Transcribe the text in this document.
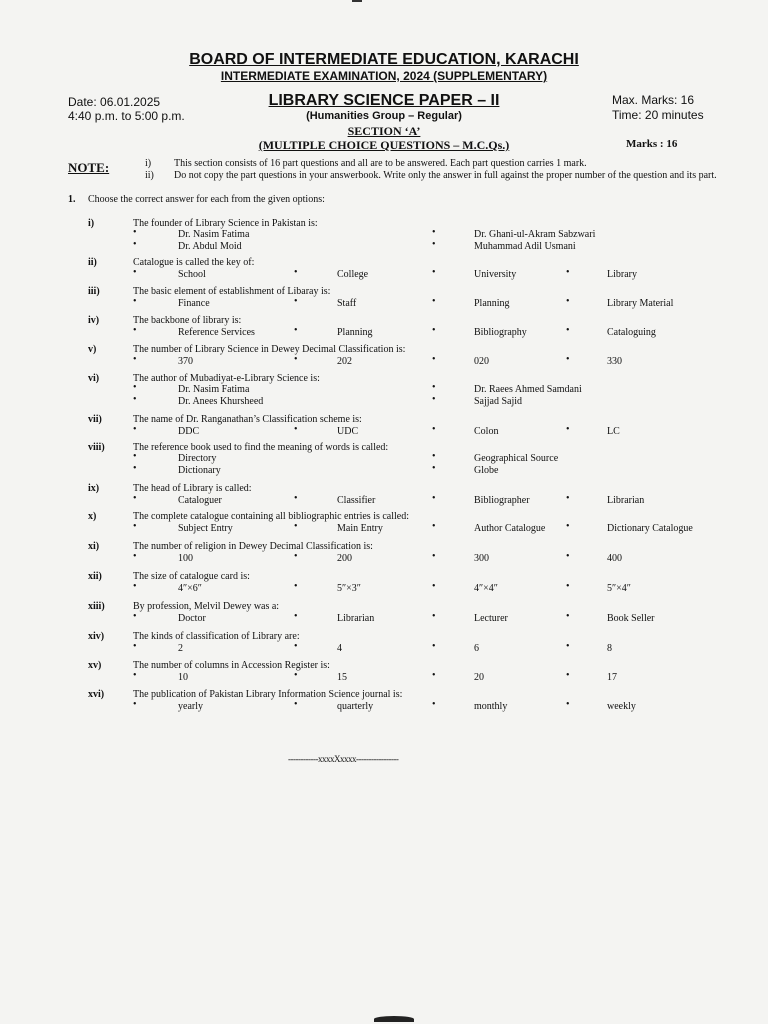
BOARD OF INTERMEDIATE EDUCATION, KARACHI
INTERMEDIATE EXAMINATION, 2024 (SUPPLEMENTARY)
Date: 06.01.2025
4:40 p.m. to 5:00 p.m.
LIBRARY SCIENCE PAPER – II
(Humanities Group – Regular)
Max. Marks: 16
Time: 20 minutes
SECTION ‘A’
(MULTIPLE CHOICE QUESTIONS – M.C.Qs.)	Marks : 16
NOTE:	i) This section consists of 16 part questions and all are to be answered. Each part question carries 1 mark.
ii) Do not copy the part questions in your answerbook. Write only the answer in full against the proper number of the question and its part.
1. Choose the correct answer for each from the given options:
i)	The founder of Library Science in Pakistan is:
•	Dr. Nasim Fatima	•	Dr. Ghani-ul-Akram Sabzwari
•	Dr. Abdul Moid	•	Muhammad Adil Usmani
ii)	Catalogue is called the key of:
•	School	•	College	•	University	•	Library
iii)	The basic element of establishment of Libaray is:
•	Finance	•	Staff	•	Planning	•	Library Material
iv)	The backbone of library is:
•	Reference Services	•	Planning	•	Bibliography	•	Cataloguing
v)	The number of Library Science in Dewey Decimal Classification is:
•	370	•	202	•	020	•	330
vi)	The author of Mubadiyat-e-Library Science is:
•	Dr. Nasim Fatima	•	Dr. Raees Ahmed Samdani
•	Dr. Anees Khursheed	•	Sajjad Sajid
vii)	The name of Dr. Ranganathan’s Classification scheme is:
•	DDC	•	UDC	•	Colon	•	LC
viii)	The reference book used to find the meaning of words is called:
•	Directory	•	Geographical Source
•	Dictionary	•	Globe
ix)	The head of Library is called:
•	Cataloguer	•	Classifier	•	Bibliographer	•	Librarian
x)	The complete catalogue containing all bibliographic entries is called:
•	Subject Entry	•	Main Entry	•	Author Catalogue •	Dictionary Catalogue
xi)	The number of religion in Dewey Decimal Classification is:
•	100	•	200	•	300	•	400
xii)	The size of catalogue card is:
•	4″×6″	•	5″×3″	•	4″×4″	•	5″×4″
xiii)	By profession, Melvil Dewey was a:
•	Doctor	•	Librarian	•	Lecturer	•	Book Seller
xiv)	The kinds of classification of Library are:
•	2	•	4	•	6	•	8
xv)	The number of columns in Accession Register is:
•	10	•	15	•	20	•	17
xvi)	The publication of Pakistan Library Information Science journal is:
•	yearly	•	quarterly	•	monthly	•	weekly
------------xxxxXxxxx-----------------
